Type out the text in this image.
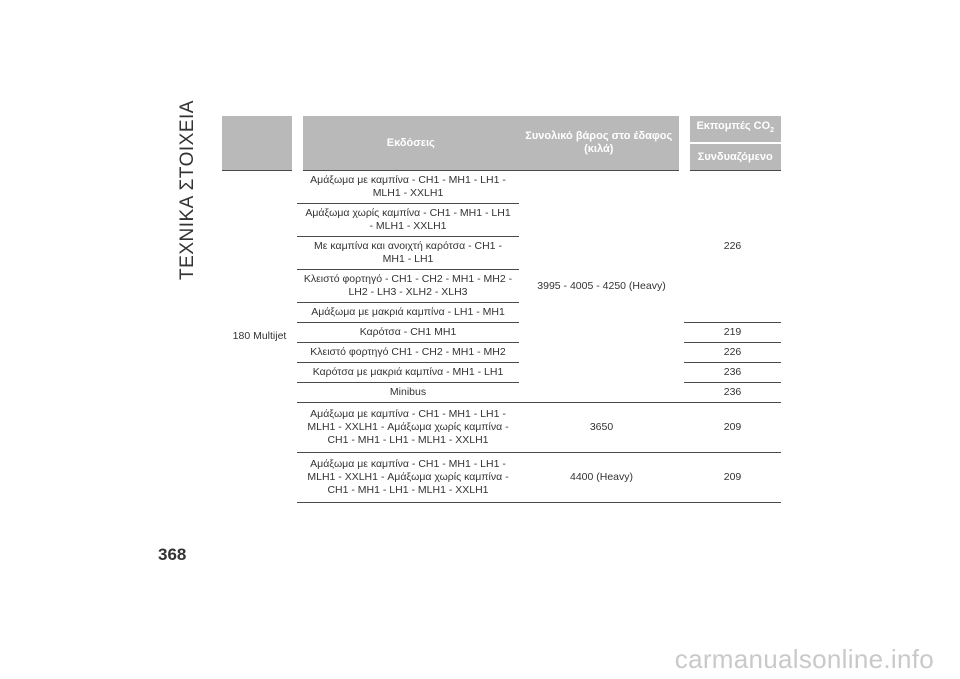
ΤΕΧΝΙΚΑ ΣΤΟΙΧΕΙΑ
		Εκδόσεις	Συνολικό βάρος στο έδαφος (κιλά)	Εκπομπές $CO_2$
			Συνδυαζόμενο
180 Multijet	Αμάξωμα με καμπίνα - CH1 - MH1 - LH1 - MLH1 - XXLH1	3995 - 4005 - 4250 (Heavy)	226
	Αμάξωμα χωρίς καμπίνα - CH1 - MH1 - LH1 - MLH1 - XXLH1		
	Με καμπίνα και ανοιχτή καρότσα - CH1 - MH1 - LH1		
	Κλειστό φορτηγό - CH1 - CH2 - MH1 - MH2 - LH2 - LH3 - XLH2 - XLH3		
	Αμάξωμα με μακριά καμπίνα - LH1 - MH1		
	Καρότσα - CH1 MH1		219
	Κλειστό φορτηγό CH1 - CH2 - MH1 - MH2		226
	Καρότσα με μακριά καμπίνα - MH1 - LH1		236
	Minibus		236
	Αμάξωμα με καμπίνα - CH1 - MH1 - LH1 - MLH1 - XXLH1 - Αμάξωμα χωρίς καμπίνα - CH1 - MH1 - LH1 - MLH1 - XXLH1	3650	209
	Αμάξωμα με καμπίνα - CH1 - MH1 - LH1 - MLH1 - XXLH1 - Αμάξωμα χωρίς καμπίνα - CH1 - MH1 - LH1 - MLH1 - XXLH1	4400 (Heavy)	209
368
carmanualsonline.info
